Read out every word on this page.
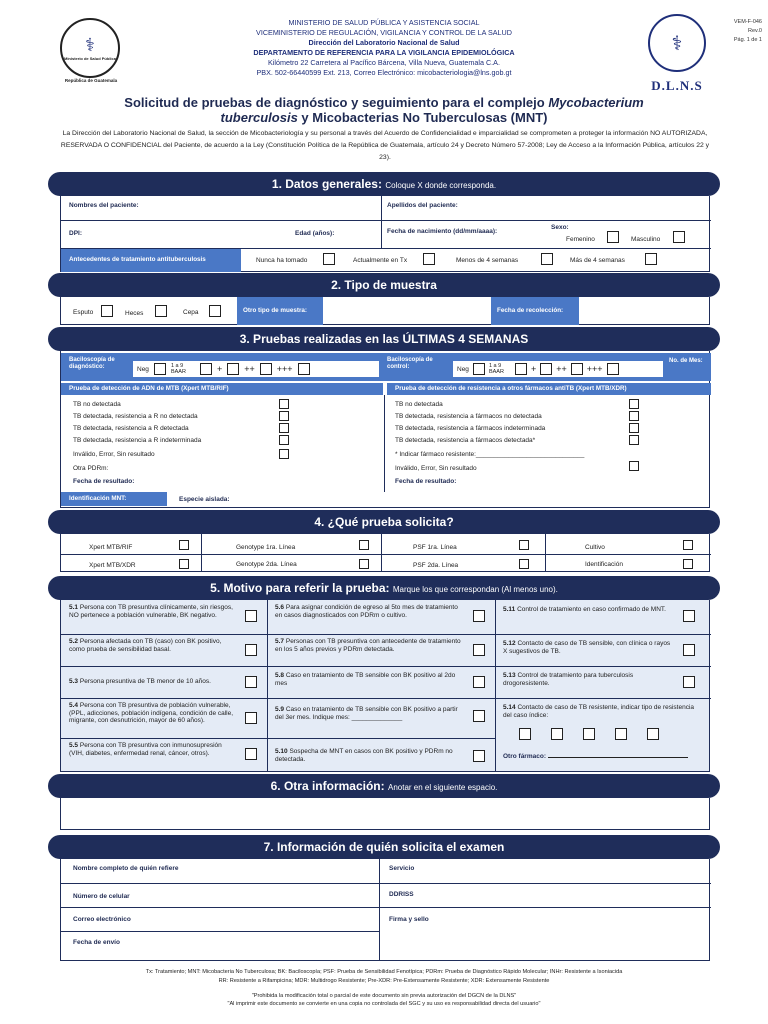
⚕
Ministerio de Salud Pública
República de Guatemala
MINISTERIO DE SALUD PÚBLICA Y ASISTENCIA SOCIAL
VICEMINISTERIO DE REGULACIÓN, VIGILANCIA Y CONTROL DE LA SALUD
Dirección del Laboratorio Nacional de Salud
DEPARTAMENTO DE REFERENCIA PARA LA VIGILANCIA EPIDEMIOLÓGICA
Kilómetro 22 Carretera al Pacífico Bárcena, Villa Nueva, Guatemala C.A.
PBX. 502-66440599 Ext. 213, Correo Electrónico: micobacteriologia@lns.gob.gt
⚕
D.L.N.S
VEM-F-046
Rev.0
Pág. 1 de 1
Solicitud de pruebas de diagnóstico y seguimiento para el complejo Mycobacterium
tuberculosis y Micobacterias No Tuberculosas (MNT)
La Dirección del Laboratorio Nacional de Salud, la sección de Micobacteriología y su personal a través del Acuerdo de Confidencialidad e imparcialidad se comprometen a proteger la información NO AUTORIZADA, RESERVADA O CONFIDENCIAL del Paciente, de acuerdo a la Ley (Constitución Política de la República de Guatemala, artículo 24 y Decreto Número 57-2008; Ley de Acceso a la Información Pública, artículos 22 y 23).
1. Datos generales: Coloque X donde corresponda.
Nombres del paciente:	Apellidos del paciente:
DPI:	Edad (años):	Fecha de nacimiento (dd/mm/aaaa):
Sexo:
Femenino	Masculino
Antecedentes de tratamiento antituberculosis	Nunca ha tomado	Actualmente en Tx	Menos de 4 semanas	Más de 4 semanas
2. Tipo de muestra
Esputo	Heces	Cepa	Otro tipo de muestra:	Fecha de recolección:
3. Pruebas realizadas en las ÚLTIMAS 4 SEMANAS
Baciloscopía de diagnóstico:	Neg	1 a 9 BAAR	+ ++ +++
Baciloscopía de control:	Neg	1 a 9 BAAR	+ ++ +++
No. de Mes:
Prueba de detección de ADN de MTB (Xpert MTB/RIF)	Prueba de detección de resistencia a otros fármacos antiTB (Xpert MTB/XDR)
TB no detectada
TB detectada, resistencia a R no detectada
TB detectada, resistencia a R detectada
TB detectada, resistencia a R indeterminada
Inválido, Error, Sin resultado
Otra PDRm:
Fecha de resultado:
TB no detectada
TB detectada, resistencia a fármacos no detectada
TB detectada, resistencia a fármacos indeterminada
TB detectada, resistencia a fármacos detectada*
* Indicar fármaco resistente:______________________________
Inválido, Error, Sin resultado
Fecha de resultado:
Identificación MNT:	Especie aislada:
4. ¿Qué prueba solicita?
Xpert MTB/RIF	Genotype 1ra. Línea	PSF 1ra. Línea	Cultivo
Xpert MTB/XDR	Genotype 2da. Línea	PSF 2da. Línea	Identificación
5. Motivo para referir la prueba: Marque los que correspondan (Al menos uno).
5.1 Persona con TB presuntiva clínicamente, sin riesgos, NO pertenece a población vulnerable, BK negativo.
5.2 Persona afectada con TB (caso) con BK positivo, como prueba de sensibilidad basal.
5.3 Persona presuntiva de TB menor de 10 años.
5.4 Persona con TB presuntiva de población vulnerable, (PPL, adicciones, población indígena, condición de calle, migrante, con desnutrición, mayor de 60 años).
5.5 Persona con TB presuntiva con inmunosupresión (VIH, diabetes, enfermedad renal, cáncer, otros).
5.6 Para asignar condición de egreso al 5to mes de tratamiento en casos diagnosticados con PDRm o cultivo.
5.7 Personas con TB presuntiva con antecedente de tratamiento en los 5 años previos y PDRm detectada.
5.8 Caso en tratamiento de TB sensible con BK positivo al 2do mes
5.9 Caso en tratamiento de TB sensible con BK positivo a partir del 3er mes. Indique mes: ______________
5.10 Sospecha de MNT en casos con BK positivo y PDRm no detectada.
5.11 Control de tratamiento en caso confirmado de MNT.
5.12 Contacto de caso de TB sensible, con clínica o rayos X sugestivos de TB.
5.13 Control de tratamiento para tuberculosis drogoresistente.
5.14 Contacto de caso de TB resistente, indicar tipo de resistencia del caso índice:
Otro fármaco:
6. Otra información: Anotar en el siguiente espacio.
7. Información de quién solicita el examen
Nombre completo de quién refiere	Servicio
Número de celular	DDRISS
Correo electrónico	Firma y sello
Fecha de envío
Tx: Tratamiento; MNT: Micobacteria No Tuberculosa; BK: Baciloscopía; PSF: Prueba de Sensibilidad Fenotípica; PDRm: Prueba de Diagnóstico Rápido Molecular; INHr: Resistente a Isoniacida
RR: Resistente a Rifampicina; MDR: Multidrogo Resistente; Pre-XDR: Pre-Extensamente Resistente; XDR: Extensamente Resistente
"Prohibida la modificación total o parcial de este documento sin previa autorización del DGCN de la DLNS"
"Al imprimir este documento se convierte en una copia no controlada del SGC y su uso es responsabilidad directa del usuario"
